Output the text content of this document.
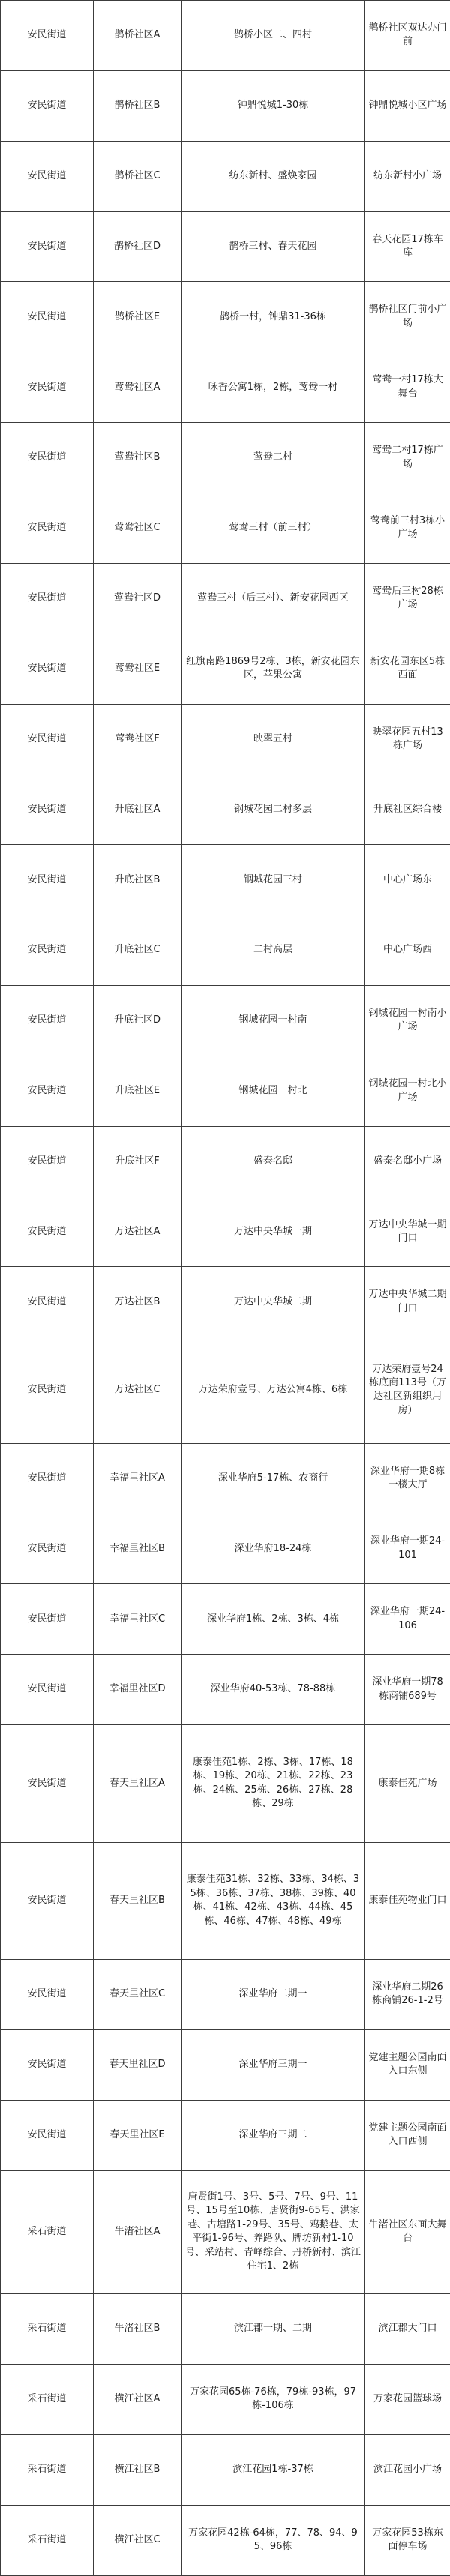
安民街道	鹊桥社区A	鹊桥小区二、四村	鹊桥社区双达办门前
安民街道	鹊桥社区B	钟鼎悦城1-30栋	钟鼎悦城小区广场
安民街道	鹊桥社区C	纺东新村、盛焕家园	纺东新村小广场
安民街道	鹊桥社区D	鹊桥三村、春天花园	春天花园17栋车库
安民街道	鹊桥社区E	鹊桥一村，钟鼎31-36栋	鹊桥社区门前小广场
安民街道	莺鸯社区A	咏香公寓1栋，2栋，莺鸯一村	莺鸯一村17栋大舞台
安民街道	莺鸯社区B	莺鸯二村	莺鸯二村17栋广场
安民街道	莺鸯社区C	莺鸯三村（前三村）	莺鸯前三村3栋小广场
安民街道	莺鸯社区D	莺鸯三村（后三村）、新安花园西区	莺鸯后三村28栋广场
安民街道	莺鸯社区E	红旗南路1869号2栋、3栋，新安花园东区，苹果公寓	新安花园东区5栋西面
安民街道	莺鸯社区F	映翠五村	映翠花园五村13栋广场
安民街道	升底社区A	钢城花园二村多层	升底社区综合楼
安民街道	升底社区B	钢城花园三村	中心广场东
安民街道	升底社区C	二村高层	中心广场西
安民街道	升底社区D	钢城花园一村南	钢城花园一村南小广场
安民街道	升底社区E	钢城花园一村北	钢城花园一村北小广场
安民街道	升底社区F	盛泰名邸	盛泰名邸小广场
安民街道	万达社区A	万达中央华城一期	万达中央华城一期门口
安民街道	万达社区B	万达中央华城二期	万达中央华城二期门口
安民街道	万达社区C	万达荣府壹号、万达公寓4栋、6栋	万达荣府壹号24栋底商113号（万达社区新组织用房）
安民街道	幸福里社区A	深业华府5-17栋、农商行	深业华府一期8栋一楼大厅
安民街道	幸福里社区B	深业华府18-24栋	深业华府一期24-101
安民街道	幸福里社区C	深业华府1栋、2栋、3栋、4栋	深业华府一期24-106
安民街道	幸福里社区D	深业华府40-53栋、78-88栋	深业华府一期78栋商铺689号
安民街道	春天里社区A	康泰佳苑1栋、2栋、3栋、17栋、18栋、19栋、20栋、21栋、22栋、23栋、24栋、25栋、26栋、27栋、28栋、29栋	康泰佳苑广场
安民街道	春天里社区B	康泰佳苑31栋、32栋、33栋、34栋、35栋、36栋、37栋、38栋、39栋、40栋、41栋、42栋、43栋、44栋、45栋、46栋、47栋、48栋、49栋	康泰佳苑物业门口
安民街道	春天里社区C	深业华府二期一	深业华府二期26栋商铺26-1-2号
安民街道	春天里社区D	深业华府三期一	党建主题公园南面入口东侧
安民街道	春天里社区E	深业华府三期二	党建主题公园南面入口西侧
采石街道	牛渚社区A	唐贤街1号、3号、5号、7号、9号、11号、15号至10栋、唐贤街9-65号、洪家巷、古塘路1-29号、35号、鸡鹅巷、太平街1-96号、养路队、牌坊新村1-10号、采站村、青峰综合、丹桥新村、滨江住宅1、2栋	牛渚社区东面大舞台
采石街道	牛渚社区B	滨江郡一期、二期	滨江郡大门口
采石街道	横江社区A	万家花园65栋-76栋，79栋-93栋，97栋-106栋	万家花园篮球场
采石街道	横江社区B	滨江花园1栋-37栋	滨江花园小广场
采石街道	横江社区C	万家花园42栋-64栋，77、78、94、95、96栋	万家花园53栋东面停车场
